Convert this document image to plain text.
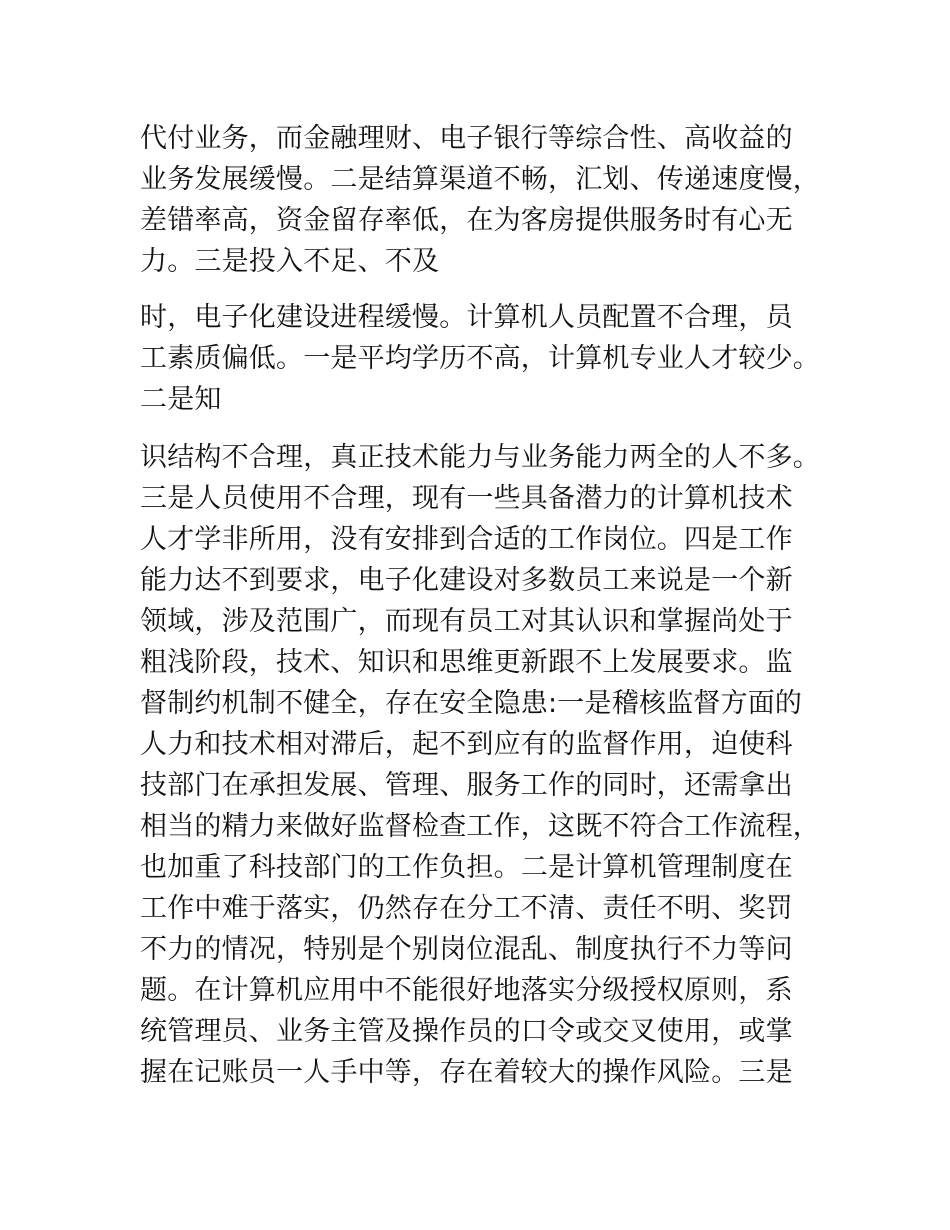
代付业务，而金融理财、电子银行等综合性、高收益的
业务发展缓慢。二是结算渠道不畅，汇划、传递速度慢，
差错率高，资金留存率低，在为客房提供服务时有心无
力。三是投入不足、不及
时，电子化建设进程缓慢。计算机人员配置不合理，员
工素质偏低。一是平均学历不高，计算机专业人才较少。
二是知
识结构不合理，真正技术能力与业务能力两全的人不多。
三是人员使用不合理，现有一些具备潜力的计算机技术
人才学非所用，没有安排到合适的工作岗位。四是工作
能力达不到要求，电子化建设对多数员工来说是一个新
领域，涉及范围广，而现有员工对其认识和掌握尚处于
粗浅阶段，技术、知识和思维更新跟不上发展要求。监
督制约机制不健全，存在安全隐患:一是稽核监督方面的
人力和技术相对滞后，起不到应有的监督作用，迫使科
技部门在承担发展、管理、服务工作的同时，还需拿出
相当的精力来做好监督检查工作，这既不符合工作流程，
也加重了科技部门的工作负担。二是计算机管理制度在
工作中难于落实，仍然存在分工不清、责任不明、奖罚
不力的情况，特别是个别岗位混乱、制度执行不力等问
题。在计算机应用中不能很好地落实分级授权原则，系
统管理员、业务主管及操作员的口令或交叉使用，或掌
握在记账员一人手中等，存在着较大的操作风险。三是
